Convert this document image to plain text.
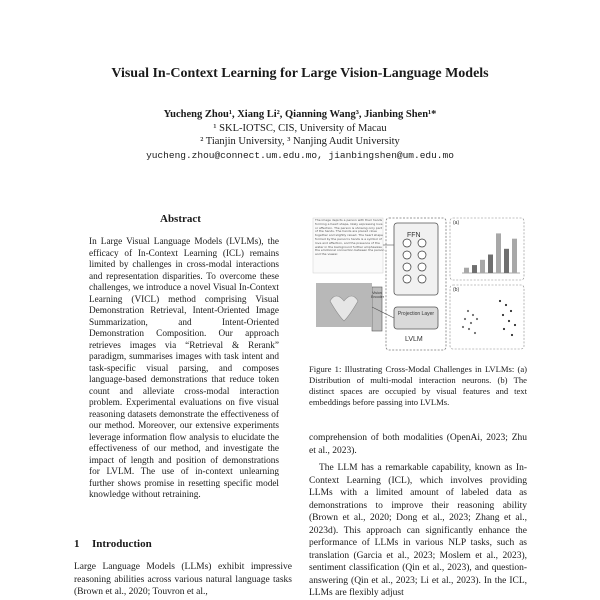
Visual In-Context Learning for Large Vision-Language Models
Yucheng Zhou¹, Xiang Li², Qianning Wang³, Jianbing Shen¹*
¹ SKL-IOTSC, CIS, University of Macau
² Tianjin University, ³ Nanjing Audit University
yucheng.zhou@connect.um.edu.mo, jianbingshen@um.edu.mo
Abstract

In Large Visual Language Models (LVLMs), the efficacy of In-Context Learning (ICL) remains limited by challenges in cross-modal interactions and representation disparities. To overcome these challenges, we introduce a novel Visual In-Context Learning (VICL) method comprising Visual Demonstration Retrieval, Intent-Oriented Image Summarization, and Intent-Oriented Demonstration Composition. Our approach retrieves images via “Retrieval & Rerank” paradigm, summarises images with task intent and task-specific visual parsing, and composes language-based demonstrations that reduce token count and alleviate cross-modal interaction problem. Experimental evaluations on five visual reasoning datasets demonstrate the effectiveness of our method. Moreover, our extensive experiments leverage information flow analysis to elucidate the effectiveness of our method, and investigate the impact of length and position of demonstrations for LVLM. The use of in-context unlearning further shows promise in resetting specific model knowledge without retraining.

1 Introduction

Large Language Models (LLMs) exhibit impressive reasoning abilities across various natural language tasks (Brown et al., 2020; Touvron et al.,

The image depicts a person with their hands forming a heart shape, likely expressing love or affection. The person is showing only part of the hands. The hands are placed close together and slightly raised. The heart shape formed by the person's hands is a symbol of love and affection, and the presence of the water in the background further emphasizes the emotional connection between the person and the viewer.
FFN
Projection Layer
Vision Encoder
LVLM
(a)
(b)

Figure 1: Illustrating Cross-Modal Challenges in LVLMs: (a) Distribution of multi-modal interaction neurons. (b) The distinct spaces are occupied by visual features and text embeddings before passing into LVLMs.

comprehension of both modalities (OpenAi, 2023; Zhu et al., 2023).

The LLM has a remarkable capability, known as In-Context Learning (ICL), which involves providing LLMs with a limited amount of labeled data as demonstrations to improve their reasoning ability (Brown et al., 2020; Dong et al., 2023; Zhang et al., 2023d). This approach can significantly enhance the performance of LLMs in various NLP tasks, such as translation (Garcia et al., 2023; Moslem et al., 2023), sentiment classification (Qin et al., 2023), and question-answering (Qin et al., 2023; Li et al., 2023). In the ICL, LLMs are flexibly adjust
